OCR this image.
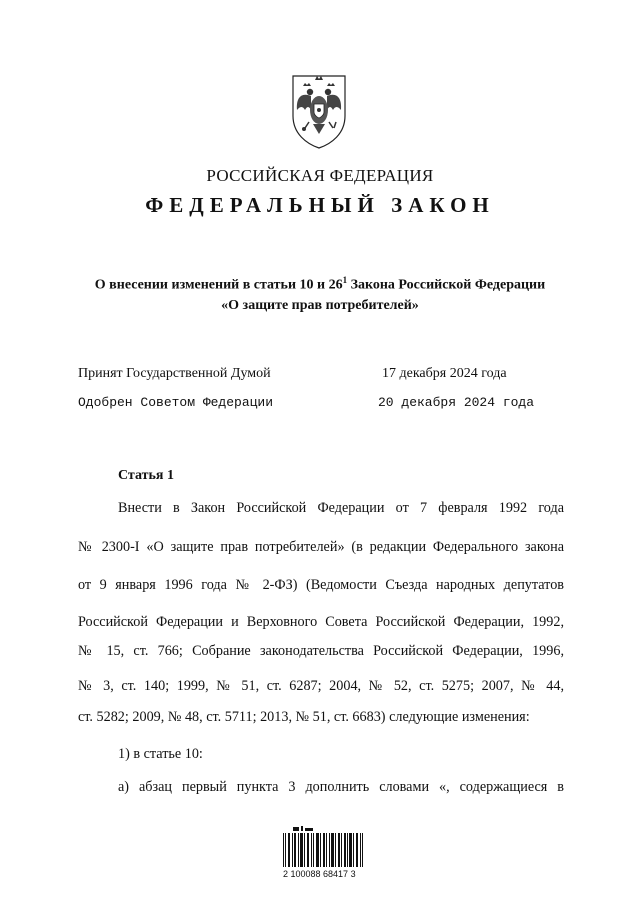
РОССИЙСКАЯ ФЕДЕРАЦИЯ
ФЕДЕРАЛЬНЫЙ ЗАКОН
О внесении изменений в статьи 10 и $26^1$ Закона Российской Федерации
«О защите прав потребителей»
Принят Государственной Думой	17 декабря 2024 года
Одобрен Советом Федерации	20 декабря 2024 года
Статья 1
Внести в Закон Российской Федерации от 7 февраля 1992 года
№ 2300-I «О защите прав потребителей» (в редакции Федерального закона
от 9 января 1996 года № 2-ФЗ) (Ведомости Съезда народных депутатов
Российской Федерации и Верховного Совета Российской Федерации, 1992,
№ 15, ст. 766; Собрание законодательства Российской Федерации, 1996,
№ 3, ст. 140; 1999, № 51, ст. 6287; 2004, № 52, ст. 5275; 2007, № 44,
ст. 5282; 2009, № 48, ст. 5711; 2013, № 51, ст. 6683) следующие изменения:
1) в статье 10:
а) абзац первый пункта 3 дополнить словами «, содержащиеся в
2 100088 68417 3
